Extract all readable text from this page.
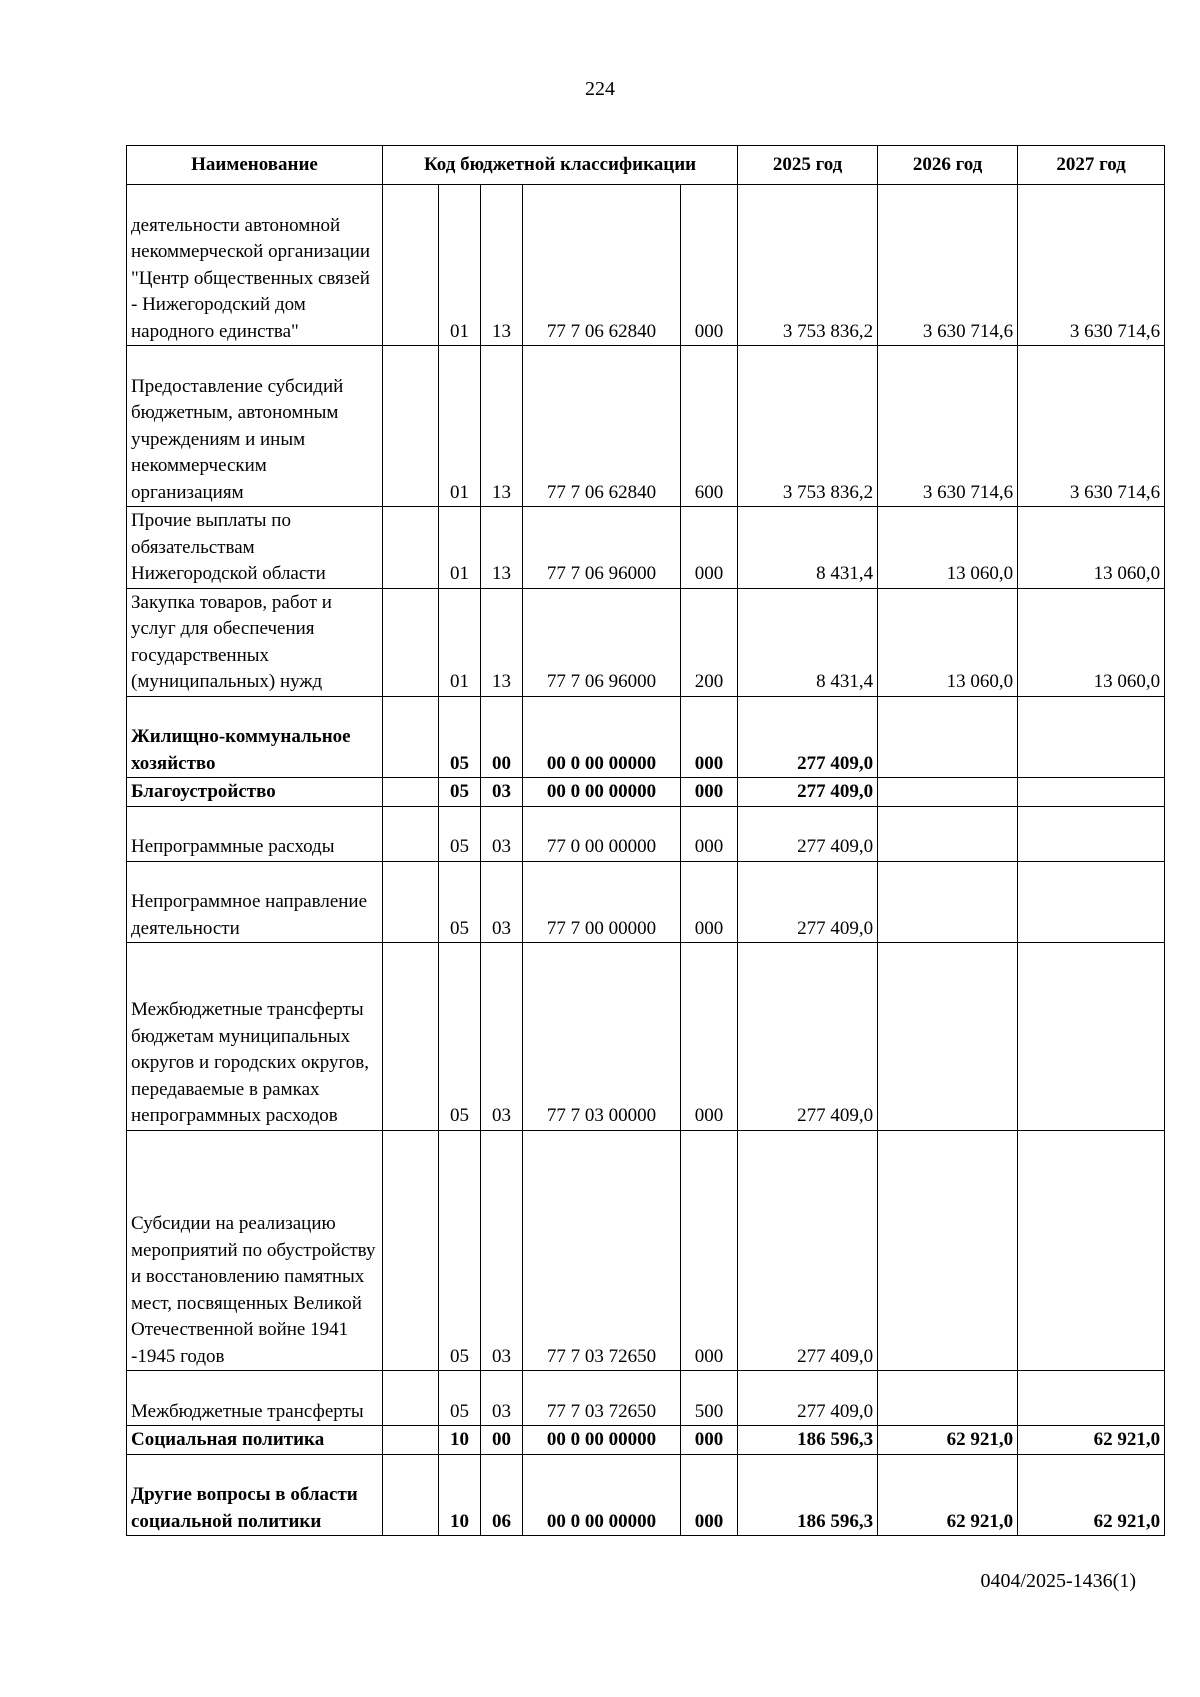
224
Наименование	Код бюджетной классификации					2025 год	2026 год	2027 год
деятельности автономной некоммерческой организации "Центр общественных связей - Нижегородский дом народного единства"		01	13	77 7 06 62840	000	3 753 836,2	3 630 714,6	3 630 714,6
Предоставление субсидий бюджетным, автономным учреждениям и иным некоммерческим организациям		01	13	77 7 06 62840	600	3 753 836,2	3 630 714,6	3 630 714,6
Прочие выплаты по обязательствам Нижегородской области		01	13	77 7 06 96000	000	8 431,4	13 060,0	13 060,0
Закупка товаров, работ и услуг для обеспечения государственных (муниципальных) нужд		01	13	77 7 06 96000	200	8 431,4	13 060,0	13 060,0
Жилищно-коммунальное хозяйство		05	00	00 0 00 00000	000	277 409,0		
Благоустройство		05	03	00 0 00 00000	000	277 409,0		
Непрограммные расходы		05	03	77 0 00 00000	000	277 409,0		
Непрограммное направление деятельности		05	03	77 7 00 00000	000	277 409,0		
Межбюджетные трансферты бюджетам муниципальных округов и городских округов, передаваемые в рамках непрограммных расходов		05	03	77 7 03 00000	000	277 409,0		
Субсидии на реализацию мероприятий по обустройству и восстановлению памятных мест, посвященных Великой Отечественной войне 1941 -1945 годов		05	03	77 7 03 72650	000	277 409,0		
Межбюджетные трансферты		05	03	77 7 03 72650	500	277 409,0		
Социальная политика		10	00	00 0 00 00000	000	186 596,3	62 921,0	62 921,0
Другие вопросы в области социальной политики		10	06	00 0 00 00000	000	186 596,3	62 921,0	62 921,0
0404/2025-1436(1)
